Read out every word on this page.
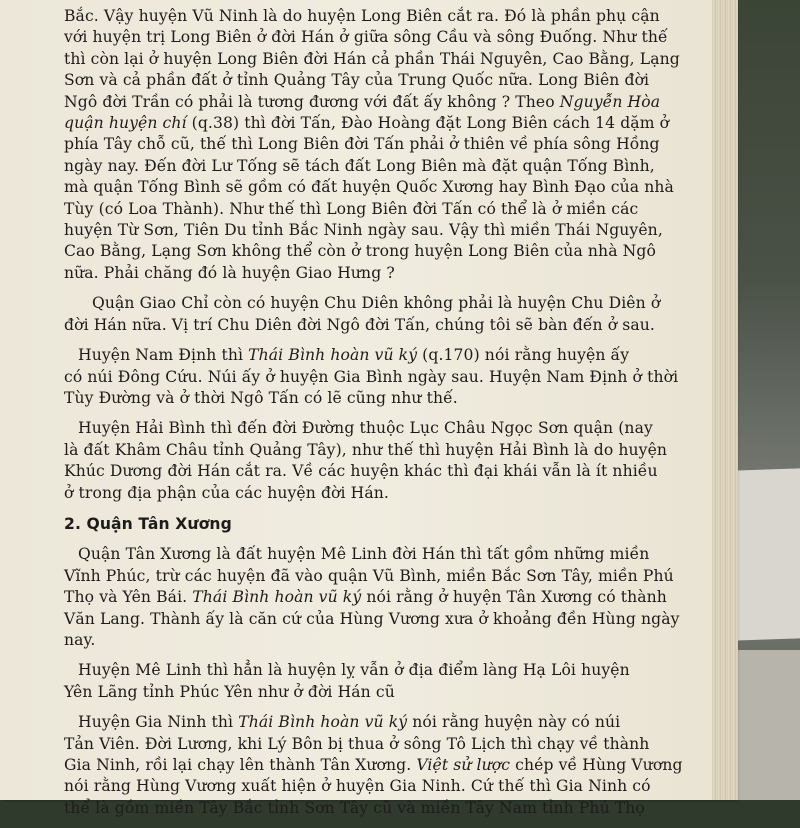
Bắc. Vậy huyện Vũ Ninh là do huyện Long Biên cắt ra. Đó là phần phụ cận
với huyện trị Long Biên ở đời Hán ở giữa sông Cầu và sông Đuống. Như thế
thì còn lại ở huyện Long Biên đời Hán cả phần Thái Nguyên, Cao Bằng, Lạng
Sơn và cả phần đất ở tỉnh Quảng Tây của Trung Quốc nữa. Long Biên đời
Ngô đời Trần có phải là tương đương với đất ấy không ? Theo Nguyễn Hòa
quận huyện chí (q.38) thì đời Tấn, Đào Hoàng đặt Long Biên cách 14 dặm ở
phía Tây chỗ cũ, thế thì Long Biên đời Tấn phải ở thiên về phía sông Hồng
ngày nay. Đến đời Lư Tống sẽ tách đất Long Biên mà đặt quận Tống Bình,
mà quận Tống Bình sẽ gồm có đất huyện Quốc Xương hay Bình Đạo của nhà
Tùy (có Loa Thành). Như thế thì Long Biên đời Tấn có thể là ở miền các
huyện Từ Sơn, Tiên Du tỉnh Bắc Ninh ngày sau. Vậy thì miền Thái Nguyên,
Cao Bằng, Lạng Sơn không thể còn ở trong huyện Long Biên của nhà Ngô
nữa. Phải chăng đó là huyện Giao Hưng ?
Quận Giao Chỉ còn có huyện Chu Diên không phải là huyện Chu Diên ở
đời Hán nữa. Vị trí Chu Diên đời Ngô đời Tấn, chúng tôi sẽ bàn đến ở sau.
Huyện Nam Định thì Thái Bình hoàn vũ ký (q.170) nói rằng huyện ấy
có núi Đông Cứu. Núi ấy ở huyện Gia Bình ngày sau. Huyện Nam Định ở thời
Tùy Đường và ở thời Ngô Tấn có lẽ cũng như thế.
Huyện Hải Bình thì đến đời Đường thuộc Lục Châu Ngọc Sơn quận (nay
là đất Khâm Châu tỉnh Quảng Tây), như thế thì huyện Hải Bình là do huyện
Khúc Dương đời Hán cắt ra. Về các huyện khác thì đại khái vẫn là ít nhiều
ở trong địa phận của các huyện đời Hán.
2. Quận Tân Xương
Quận Tân Xương là đất huyện Mê Linh đời Hán thì tất gồm những miền
Vĩnh Phúc, trừ các huyện đã vào quận Vũ Bình, miền Bắc Sơn Tây, miền Phú
Thọ và Yên Bái. Thái Bình hoàn vũ ký nói rằng ở huyện Tân Xương có thành
Văn Lang. Thành ấy là căn cứ của Hùng Vương xưa ở khoảng đền Hùng ngày
nay.
Huyện Mê Linh thì hẳn là huyện lỵ vẫn ở địa điểm làng Hạ Lôi huyện
Yên Lãng tỉnh Phúc Yên như ở đời Hán cũ
Huyện Gia Ninh thì Thái Bình hoàn vũ ký nói rằng huyện này có núi
Tản Viên. Đời Lương, khi Lý Bôn bị thua ở sông Tô Lịch thì chạy về thành
Gia Ninh, rồi lại chạy lên thành Tân Xương. Việt sử lược chép về Hùng Vương
nói rằng Hùng Vương xuất hiện ở huyện Gia Ninh. Cứ thế thì Gia Ninh có
thể là gồm miền Tây Bắc tỉnh Sơn Tây cũ và miền Tây Nam tỉnh Phú Thọ
